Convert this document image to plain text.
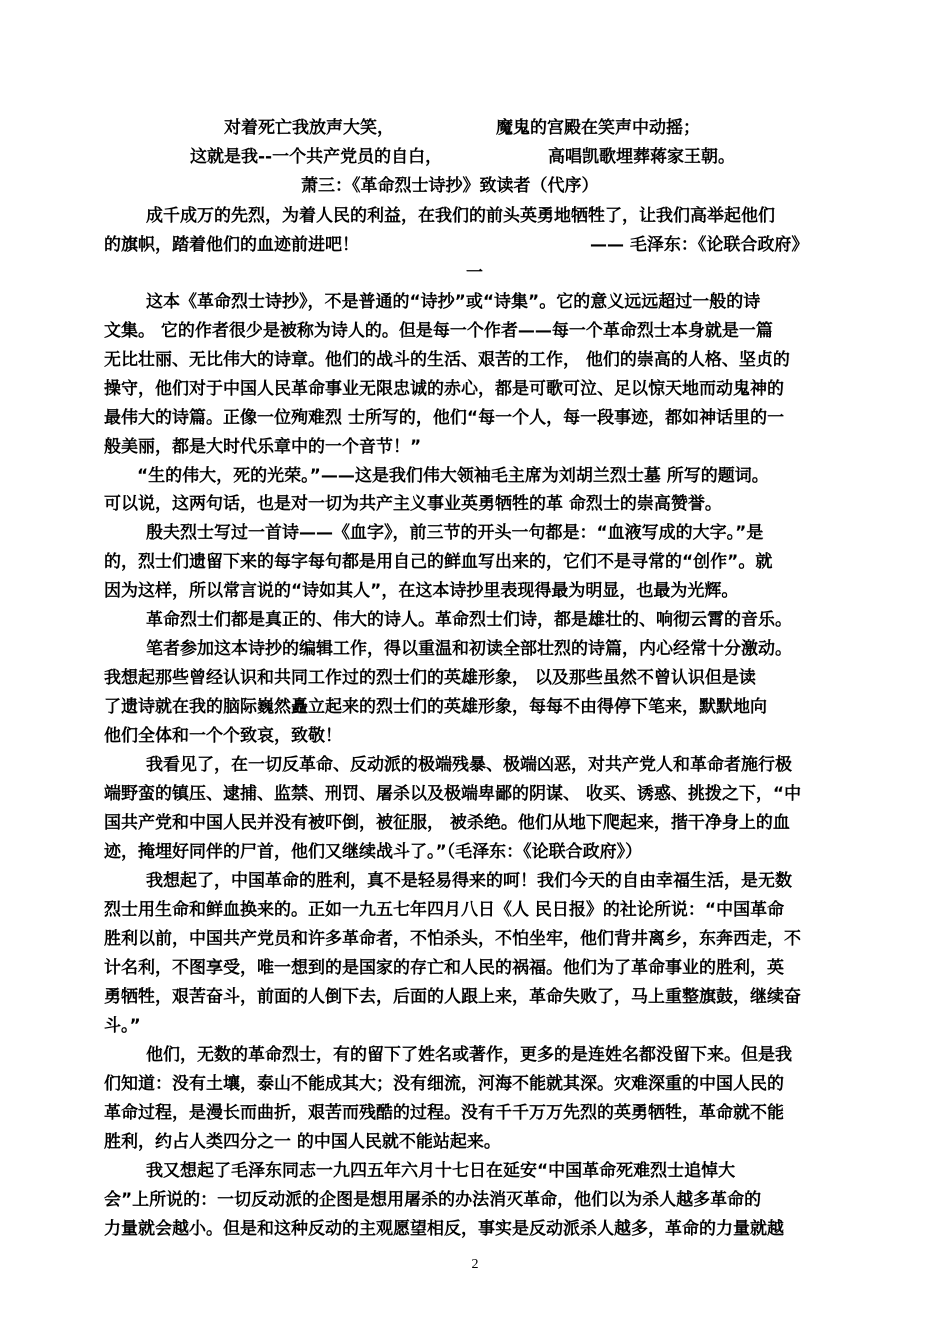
对着死亡我放声大笑，	魔鬼的宫殿在笑声中动摇；
这就是我--一个共产党员的自白，	高唱凯歌埋葬蒋家王朝。
萧三：《革命烈士诗抄》致读者（代序）
成千成万的先烈，为着人民的利益，在我们的前头英勇地牺牲了，让我们高举起他们
的旗帜，踏着他们的血迹前进吧！	—— 毛泽东：《论联合政府》
一
这本《革命烈士诗抄》，不是普通的“诗抄”或“诗集”。它的意义远远超过一般的诗
文集。 它的作者很少是被称为诗人的。但是每一个作者——每一个革命烈士本身就是一篇
无比壮丽、无比伟大的诗章。他们的战斗的生活、艰苦的工作， 他们的崇高的人格、坚贞的
操守，他们对于中国人民革命事业无限忠诚的赤心，都是可歌可泣、足以惊天地而动鬼神的
最伟大的诗篇。正像一位殉难烈 士所写的，他们“每一个人，每一段事迹，都如神话里的一
般美丽，都是大时代乐章中的一个音节！”
“生的伟大，死的光荣。”——这是我们伟大领袖毛主席为刘胡兰烈士墓 所写的题词。
可以说，这两句话，也是对一切为共产主义事业英勇牺牲的革 命烈士的崇高赞誉。
殷夫烈士写过一首诗——《血字》，前三节的开头一句都是：“血液写成的大字。”是
的，烈士们遗留下来的每字每句都是用自己的鲜血写出来的，它们不是寻常的“创作”。就
因为这样，所以常言说的“诗如其人”，在这本诗抄里表现得最为明显，也最为光辉。
革命烈士们都是真正的、伟大的诗人。革命烈士们诗，都是雄壮的、响彻云霄的音乐。
笔者参加这本诗抄的编辑工作，得以重温和初读全部壮烈的诗篇，内心经常十分激动。
我想起那些曾经认识和共同工作过的烈士们的英雄形象， 以及那些虽然不曾认识但是读
了遗诗就在我的脑际巍然矗立起来的烈士们的英雄形象，每每不由得停下笔来，默默地向
他们全体和一个个致哀，致敬！
我看见了，在一切反革命、反动派的极端残暴、极端凶恶，对共产党人和革命者施行极
端野蛮的镇压、逮捕、监禁、刑罚、屠杀以及极端卑鄙的阴谋、 收买、诱惑、挑拨之下，“中
国共产党和中国人民并没有被吓倒，被征服， 被杀绝。他们从地下爬起来，揩干净身上的血
迹，掩埋好同伴的尸首，他们又继续战斗了。”（毛泽东：《论联合政府》）
我想起了，中国革命的胜利，真不是轻易得来的呵！我们今天的自由幸福生活，是无数
烈士用生命和鲜血换来的。正如一九五七年四月八日《人 民日报》的社论所说：“中国革命
胜利以前，中国共产党员和许多革命者，不怕杀头，不怕坐牢，他们背井离乡，东奔西走，不
计名利，不图享受，唯一想到的是国家的存亡和人民的祸福。他们为了革命事业的胜利，英
勇牺牲，艰苦奋斗，前面的人倒下去，后面的人跟上来，革命失败了，马上重整旗鼓，继续奋
斗。”
他们，无数的革命烈士，有的留下了姓名或著作，更多的是连姓名都没留下来。但是我
们知道：没有土壤，泰山不能成其大；没有细流，河海不能就其深。灾难深重的中国人民的
革命过程，是漫长而曲折，艰苦而残酷的过程。没有千千万万先烈的英勇牺牲，革命就不能
胜利，约占人类四分之一 的中国人民就不能站起来。
我又想起了毛泽东同志一九四五年六月十七日在延安“中国革命死难烈士追悼大
会”上所说的：一切反动派的企图是想用屠杀的办法消灭革命，他们以为杀人越多革命的
力量就会越小。但是和这种反动的主观愿望相反，事实是反动派杀人越多，革命的力量就越
2
